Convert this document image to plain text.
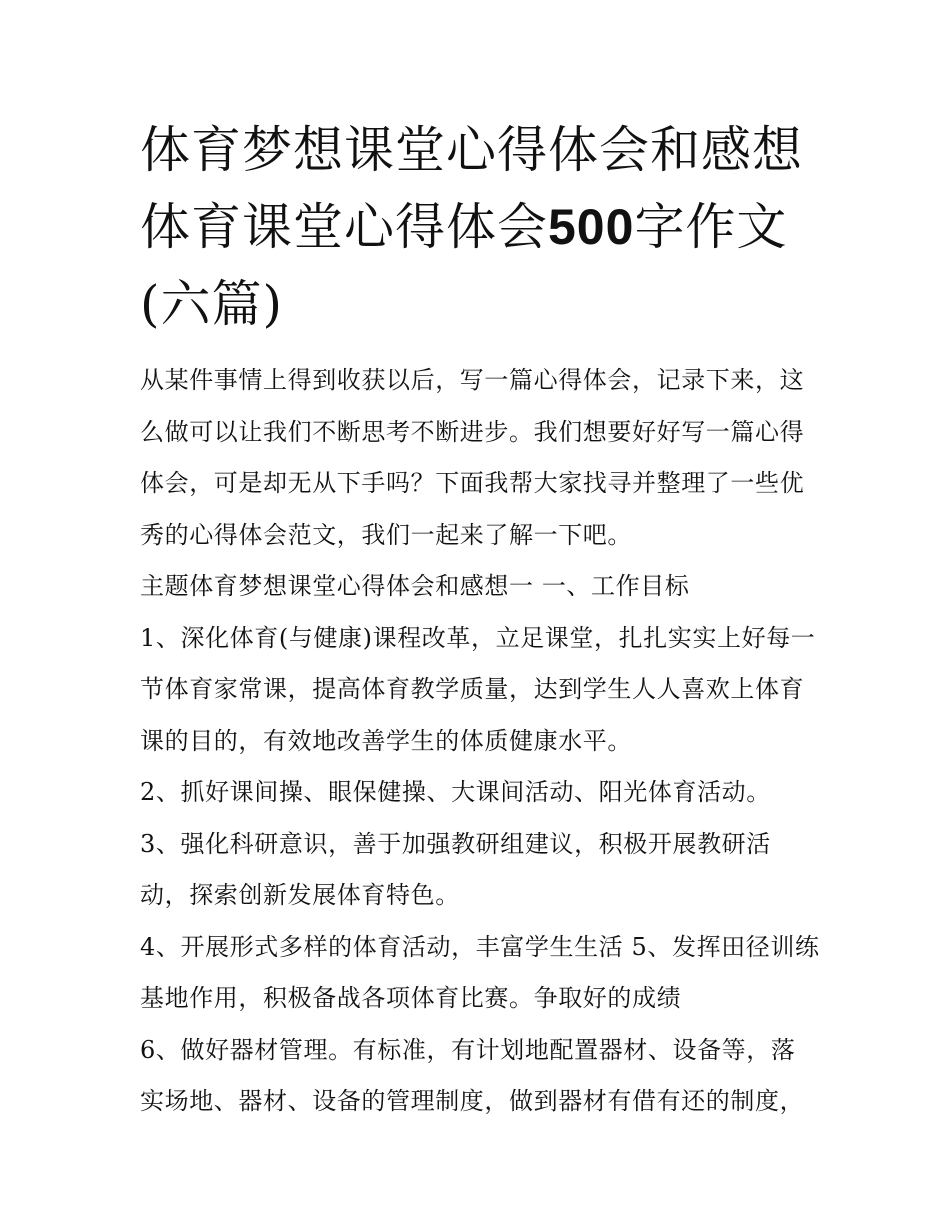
体育梦想课堂心得体会和感想
体育课堂心得体会500字作文
(六篇)

从某件事情上得到收获以后，写一篇心得体会，记录下来，这么做可以让我们不断思考不断进步。我们想要好好写一篇心得体会，可是却无从下手吗？下面我帮大家找寻并整理了一些优秀的心得体会范文，我们一起来了解一下吧。

主题体育梦想课堂心得体会和感想一 一、工作目标

1、深化体育(与健康)课程改革，立足课堂，扎扎实实上好每一节体育家常课，提高体育教学质量，达到学生人人喜欢上体育课的目的，有效地改善学生的体质健康水平。

2、抓好课间操、眼保健操、大课间活动、阳光体育活动。

3、强化科研意识，善于加强教研组建议，积极开展教研活动，探索创新发展体育特色。

4、开展形式多样的体育活动，丰富学生生活 5、发挥田径训练基地作用，积极备战各项体育比赛。争取好的成绩

6、做好器材管理。有标准，有计划地配置器材、设备等，落实场地、器材、设备的管理制度，做到器材有借有还的制度，
